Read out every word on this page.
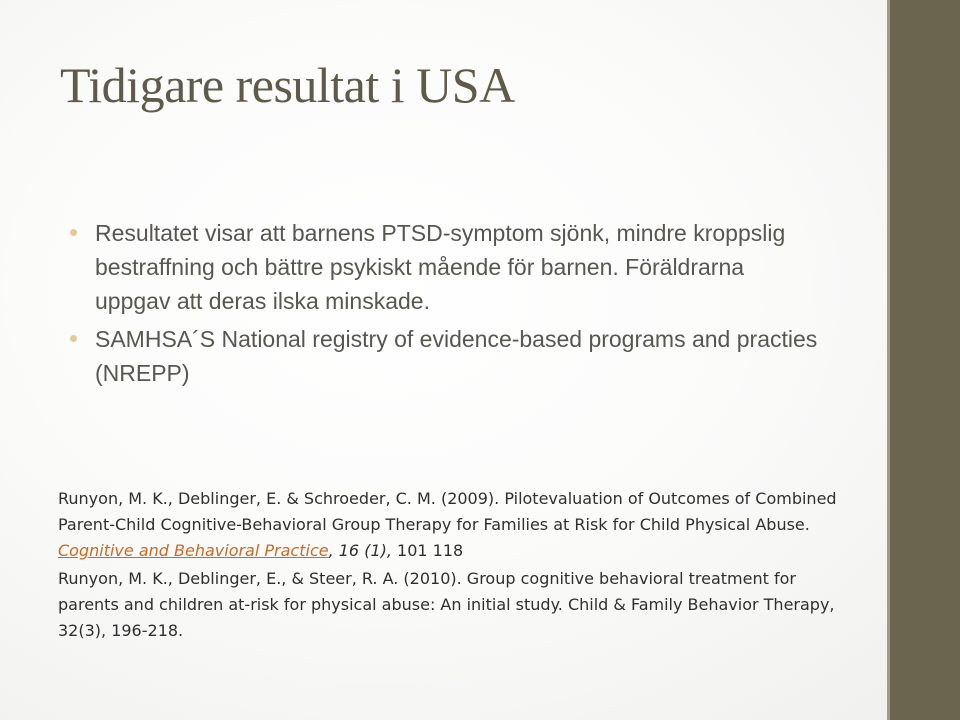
Tidigare resultat i USA
Resultatet visar att barnens PTSD-symptom sjönk, mindre kroppslig bestraffning och bättre psykiskt mående för barnen. Föräldrarna uppgav att deras ilska minskade.
SAMHSA´S National registry of evidence-based programs and practies (NREPP)

Runyon, M. K., Deblinger, E. & Schroeder, C. M. (2009). Pilotevaluation of Outcomes of Combined Parent-Child Cognitive-Behavioral Group Therapy for Families at Risk for Child Physical Abuse. Cognitive and Behavioral Practice, 16 (1), 101 118

Runyon, M. K., Deblinger, E., & Steer, R. A. (2010). Group cognitive behavioral treatment for parents and children at-risk for physical abuse: An initial study. Child & Family Behavior Therapy, 32(3), 196-218.
